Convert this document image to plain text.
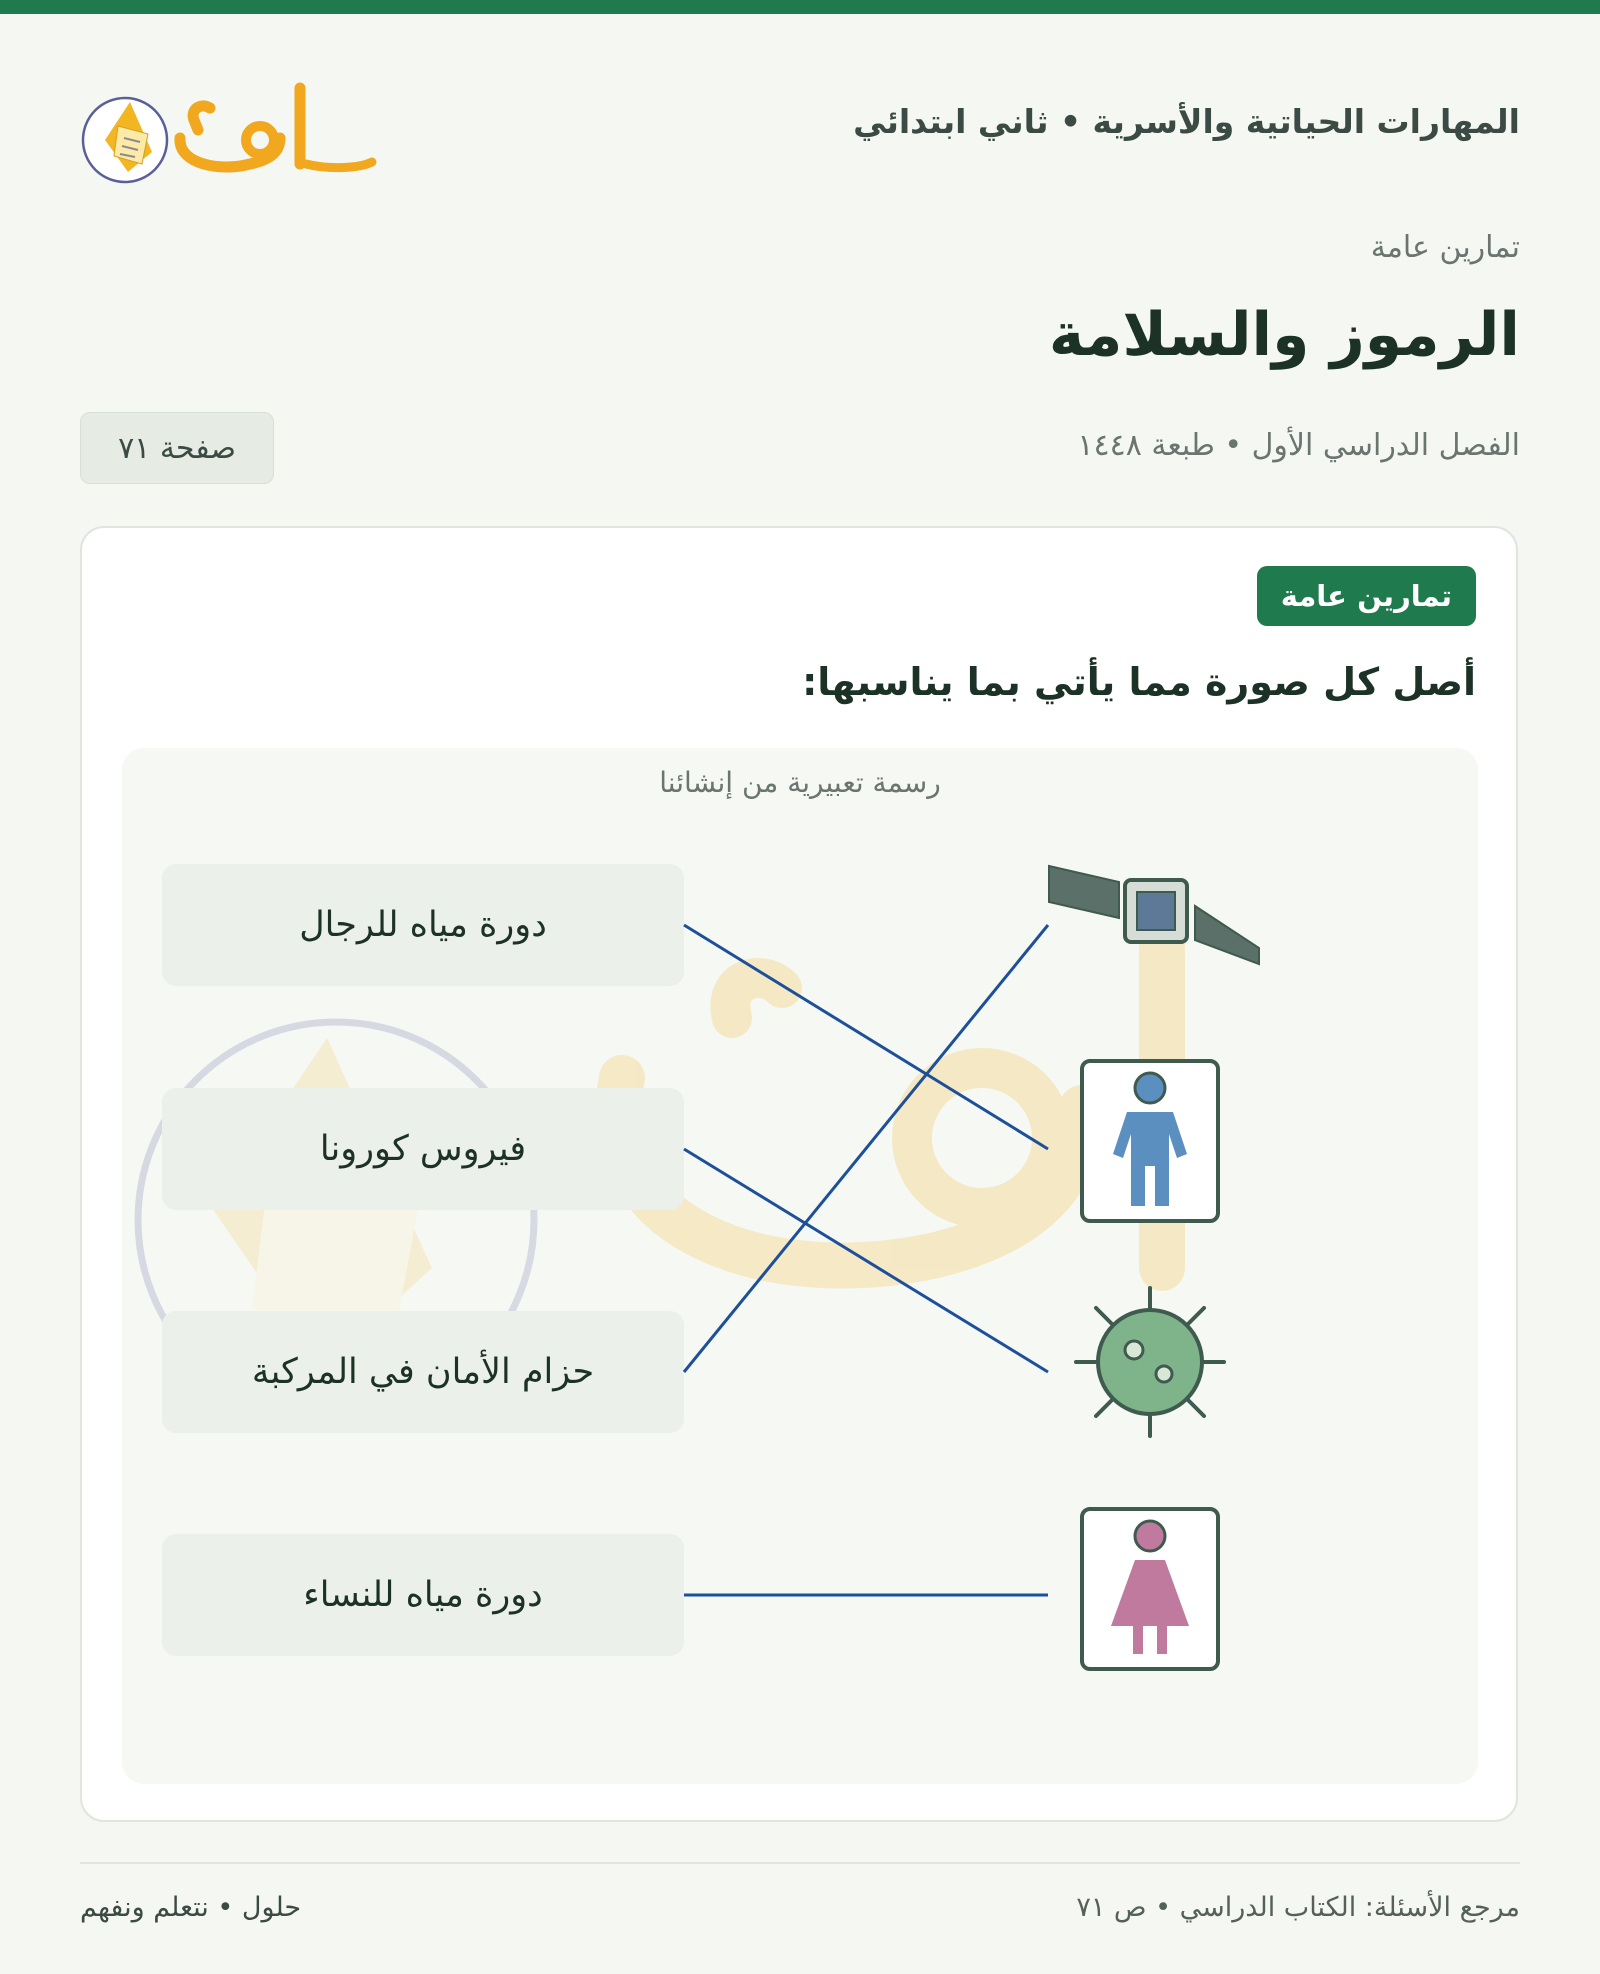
المهارات الحياتية والأسرية • ثاني ابتدائي
تمارين عامة
الرموز والسلامة
الفصل الدراسي الأول • طبعة ١٤٤٨
صفحة ٧١
تمارين عامة
أصل كل صورة مما يأتي بما يناسبها:
رسمة تعبيرية من إنشائنا
دورة مياه للرجال
فيروس كورونا
حزام الأمان في المركبة
دورة مياه للنساء
مرجع الأسئلة: الكتاب الدراسي • ص ٧١
حلول • نتعلم ونفهم
